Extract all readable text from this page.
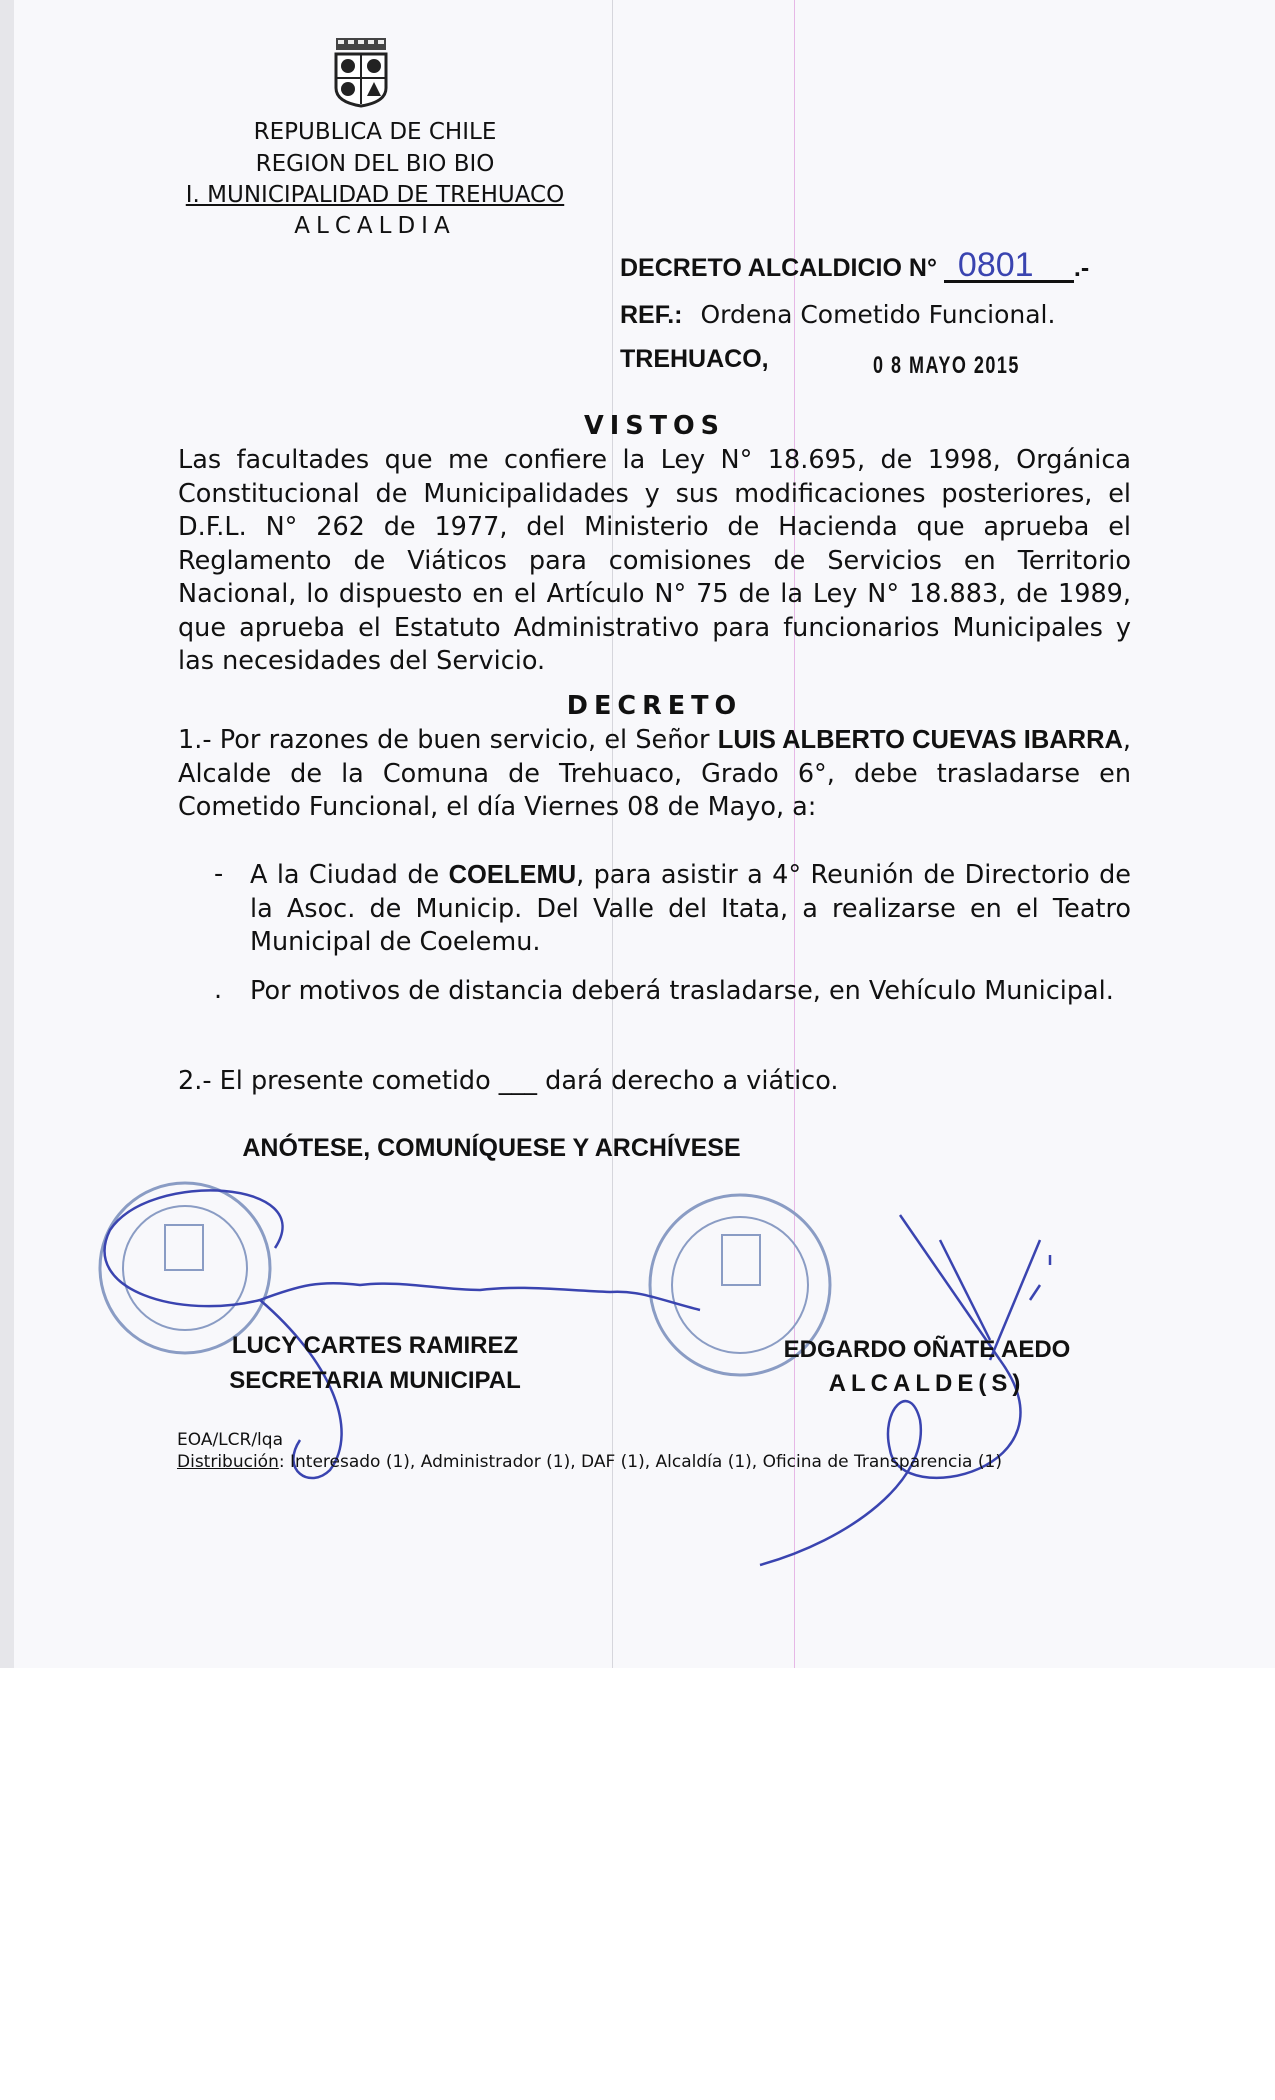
REPUBLICA DE CHILE
REGION DEL BIO BIO
I. MUNICIPALIDAD DE TREHUACO
ALCALDIA
DECRETO ALCALDICIO N° 0801 .-
REF.: Ordena Cometido Funcional.
TREHUACO,	0 8 MAYO 2015
VISTOS
Las facultades que me confiere la Ley N° 18.695, de 1998, Orgánica Constitucional de Municipalidades y sus modificaciones posteriores, el D.F.L. N° 262 de 1977, del Ministerio de Hacienda que aprueba el Reglamento de Viáticos para comisiones de Servicios en Territorio Nacional, lo dispuesto en el Artículo N° 75 de la Ley N° 18.883, de 1989, que aprueba el Estatuto Administrativo para funcionarios Municipales y las necesidades del Servicio.
DECRETO
1.- Por razones de buen servicio, el Señor LUIS ALBERTO CUEVAS IBARRA, Alcalde de la Comuna de Trehuaco, Grado 6°, debe trasladarse en Cometido Funcional, el día Viernes 08 de Mayo, a:
- A la Ciudad de COELEMU, para asistir a 4° Reunión de Directorio de la Asoc. de Municip. Del Valle del Itata, a realizarse en el Teatro Municipal de Coelemu.
. Por motivos de distancia deberá trasladarse, en Vehículo Municipal.
2.- El presente cometido ___ dará derecho a viático.
ANÓTESE, COMUNÍQUESE Y ARCHÍVESE
LUCY CARTES RAMIREZ
SECRETARIA MUNICIPAL
EDGARDO OÑATE AEDO
ALCALDE(S)
EOA/LCR/lqa
Distribución: Interesado (1), Administrador (1), DAF (1), Alcaldía (1), Oficina de Transparencia (1)
